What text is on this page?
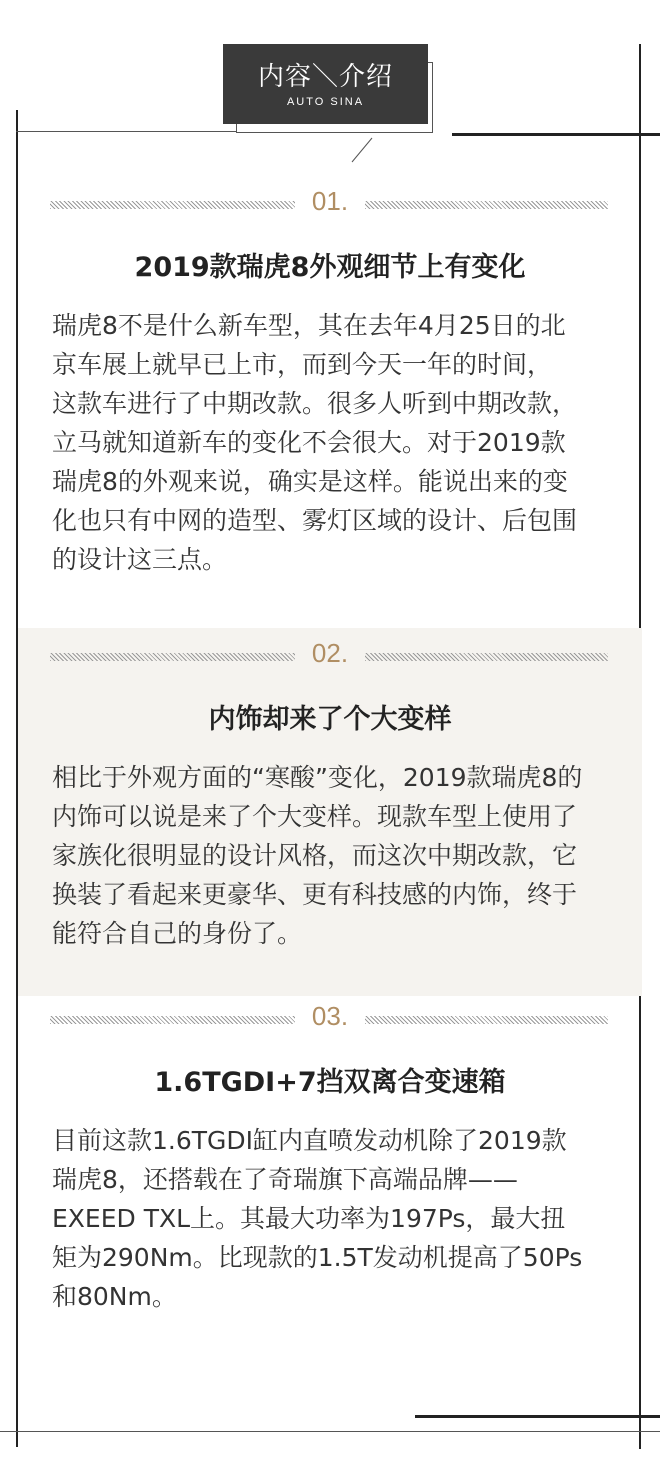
内容＼介绍
AUTO SINA
01.
2019款瑞虎8外观细节上有变化
瑞虎8不是什么新车型，其在去年4月25日的北
京车展上就早已上市，而到今天一年的时间，
这款车进行了中期改款。很多人听到中期改款，
立马就知道新车的变化不会很大。对于2019款
瑞虎8的外观来说，确实是这样。能说出来的变
化也只有中网的造型、雾灯区域的设计、后包围
的设计这三点。
02.
内饰却来了个大变样
相比于外观方面的“寒酸”变化，2019款瑞虎8的
内饰可以说是来了个大变样。现款车型上使用了
家族化很明显的设计风格，而这次中期改款，它
换装了看起来更豪华、更有科技感的内饰，终于
能符合自己的身份了。
03.
1.6TGDI+7挡双离合变速箱
目前这款1.6TGDI缸内直喷发动机除了2019款
瑞虎8，还搭载在了奇瑞旗下高端品牌——
EXEED TXL上。其最大功率为197Ps，最大扭
矩为290Nm。比现款的1.5T发动机提高了50Ps
和80Nm。
